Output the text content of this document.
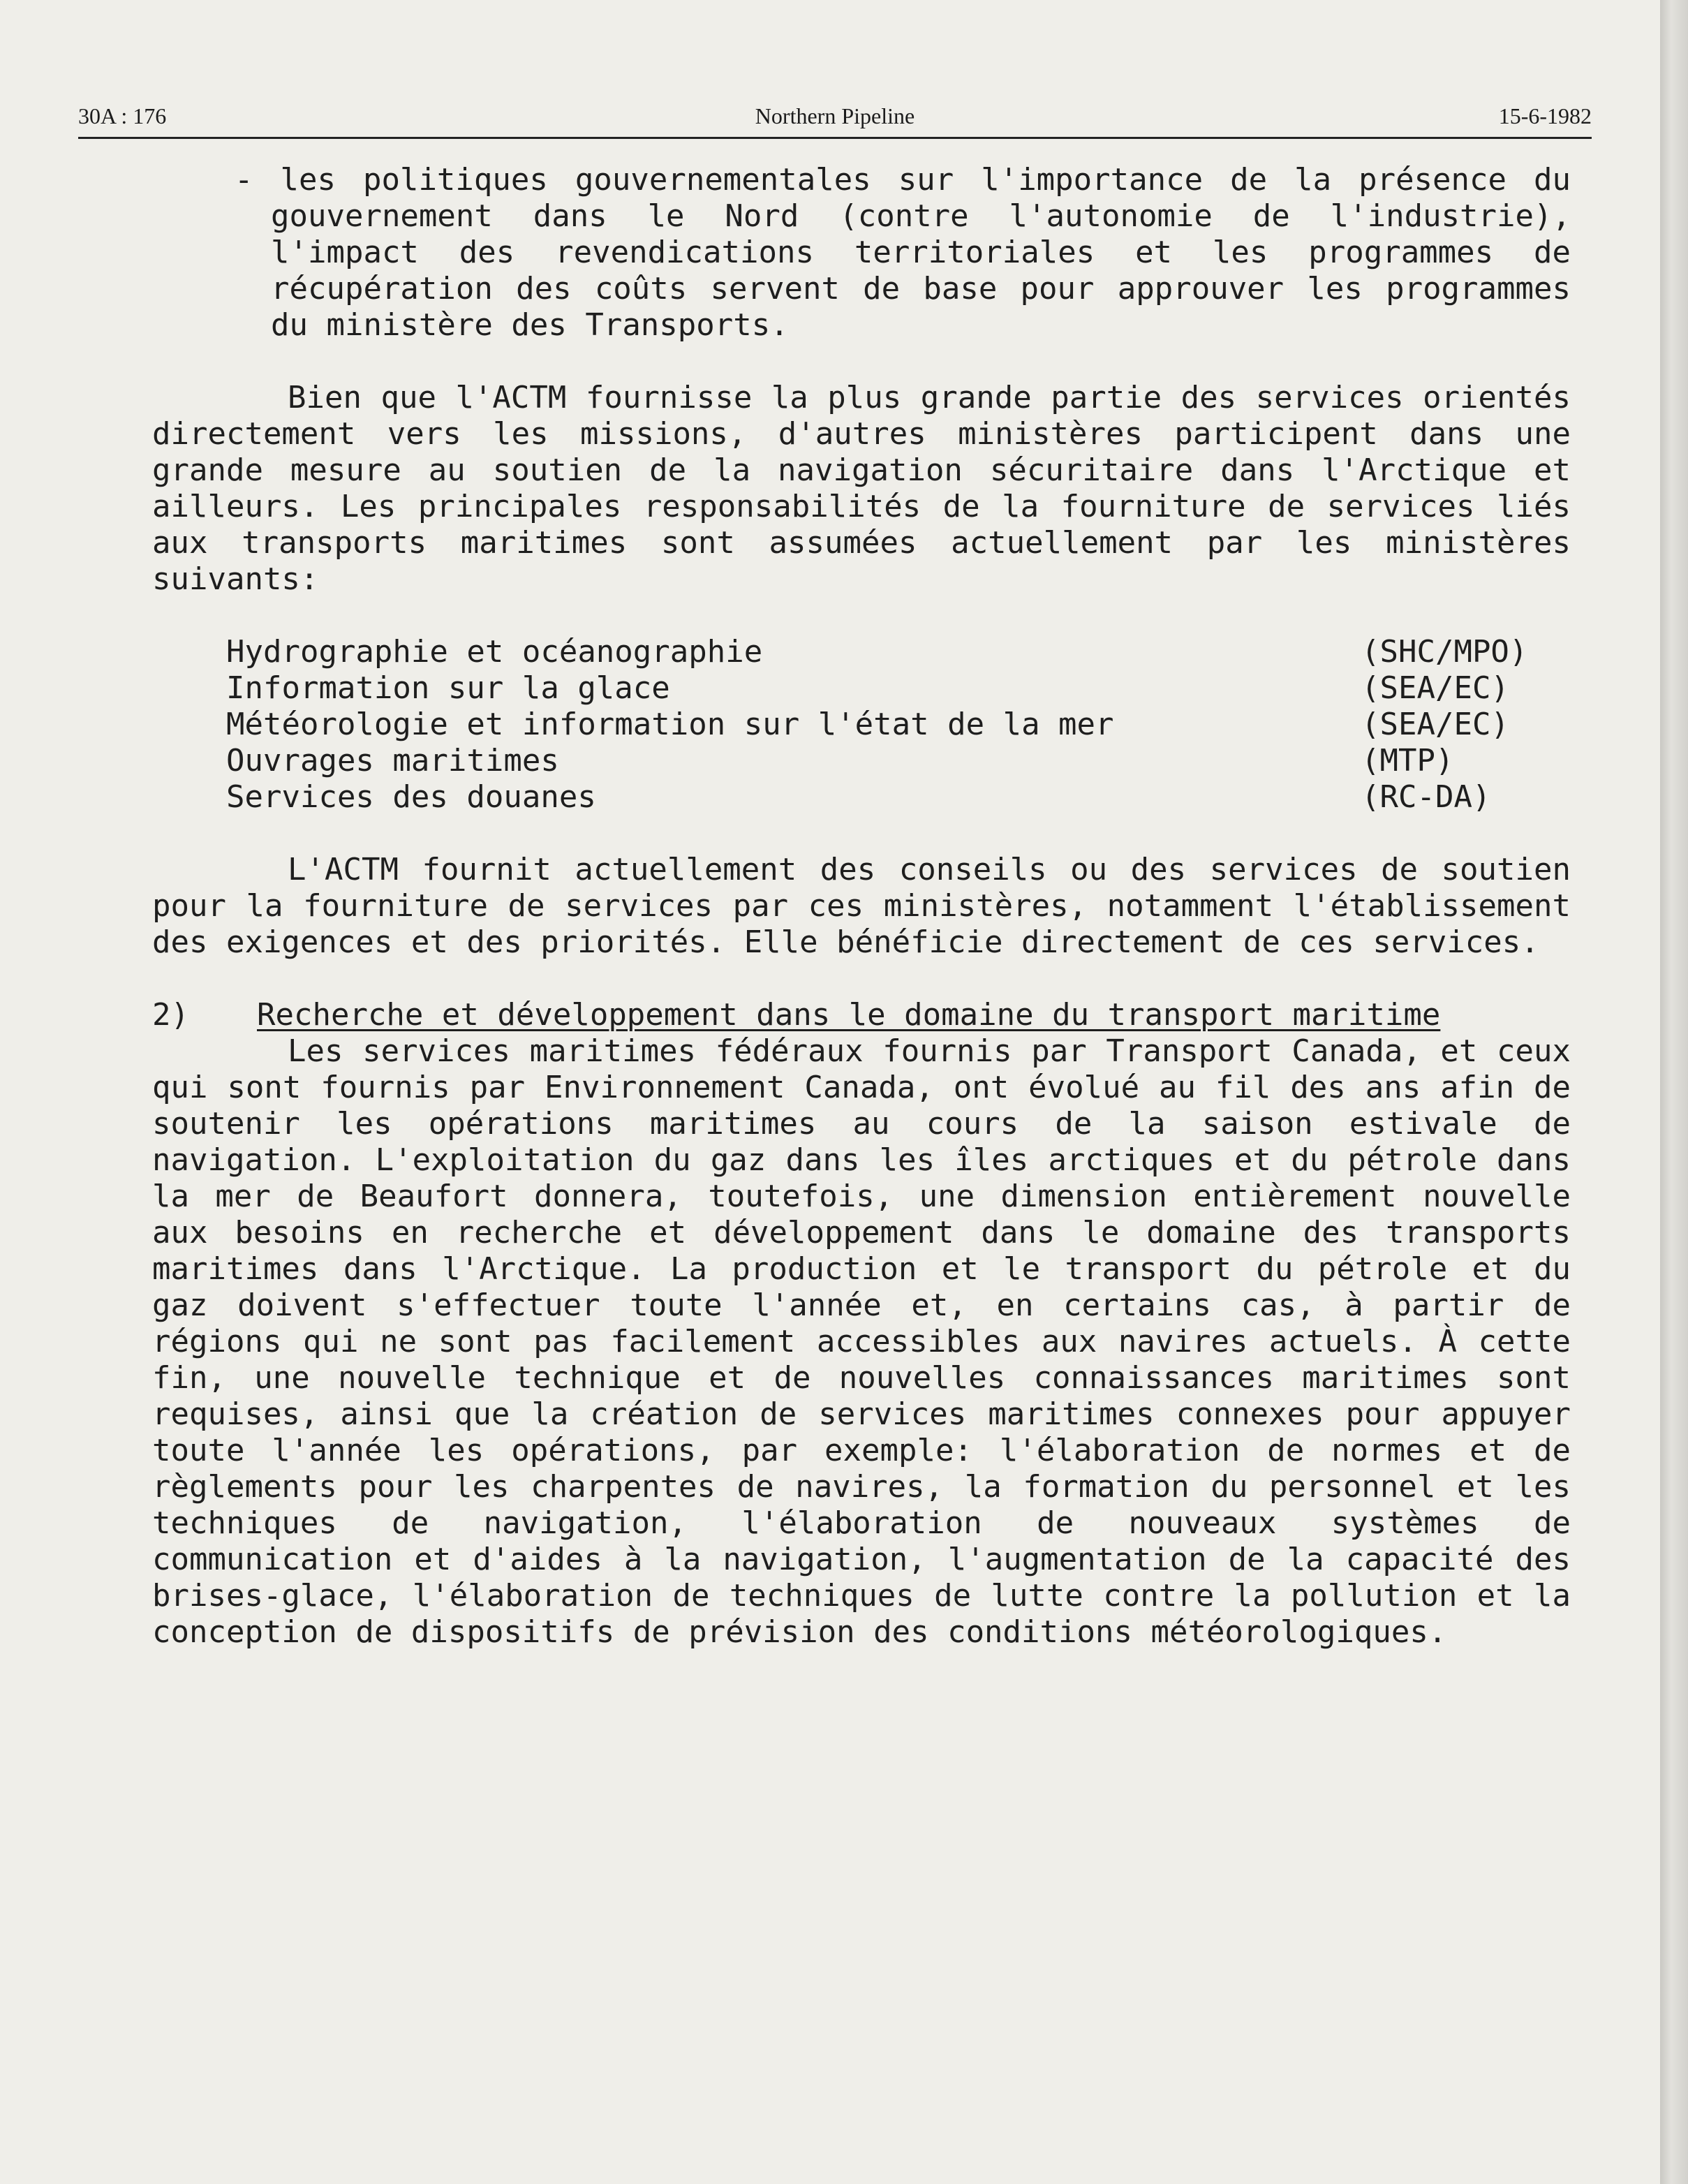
30A : 176	Northern Pipeline	15-6-1982

- les politiques gouvernementales sur l'importance de la présence du gouvernement dans le Nord (contre l'autonomie de l'industrie), l'impact des revendications territoriales et les programmes de récupération des coûts servent de base pour approuver les programmes du ministère des Transports.

Bien que l'ACTM fournisse la plus grande partie des services orientés directement vers les missions, d'autres ministères participent dans une grande mesure au soutien de la navigation sécuritaire dans l'Arctique et ailleurs. Les principales responsabilités de la fourniture de services liés aux transports maritimes sont assumées actuellement par les ministères suivants:

Hydrographie et océanographie	(SHC/MPO)
Information sur la glace	(SEA/EC)
Météorologie et information sur l'état de la mer	(SEA/EC)
Ouvrages maritimes	(MTP)
Services des douanes	(RC-DA)

L'ACTM fournit actuellement des conseils ou des services de soutien pour la fourniture de services par ces ministères, notamment l'établissement des exigences et des priorités. Elle bénéficie directement de ces services.

2)	Recherche et développement dans le domaine du transport maritime

Les services maritimes fédéraux fournis par Transport Canada, et ceux qui sont fournis par Environnement Canada, ont évolué au fil des ans afin de soutenir les opérations maritimes au cours de la saison estivale de navigation. L'exploitation du gaz dans les îles arctiques et du pétrole dans la mer de Beaufort donnera, toutefois, une dimension entièrement nouvelle aux besoins en recherche et développement dans le domaine des transports maritimes dans l'Arctique. La production et le transport du pétrole et du gaz doivent s'effectuer toute l'année et, en certains cas, à partir de régions qui ne sont pas facilement accessibles aux navires actuels. À cette fin, une nouvelle technique et de nouvelles connaissances maritimes sont requises, ainsi que la création de services maritimes connexes pour appuyer toute l'année les opérations, par exemple: l'élaboration de normes et de règlements pour les charpentes de navires, la formation du personnel et les techniques de navigation, l'élaboration de nouveaux systèmes de communication et d'aides à la navigation, l'augmentation de la capacité des brises-glace, l'élaboration de techniques de lutte contre la pollution et la conception de dispositifs de prévision des conditions météorologiques.
